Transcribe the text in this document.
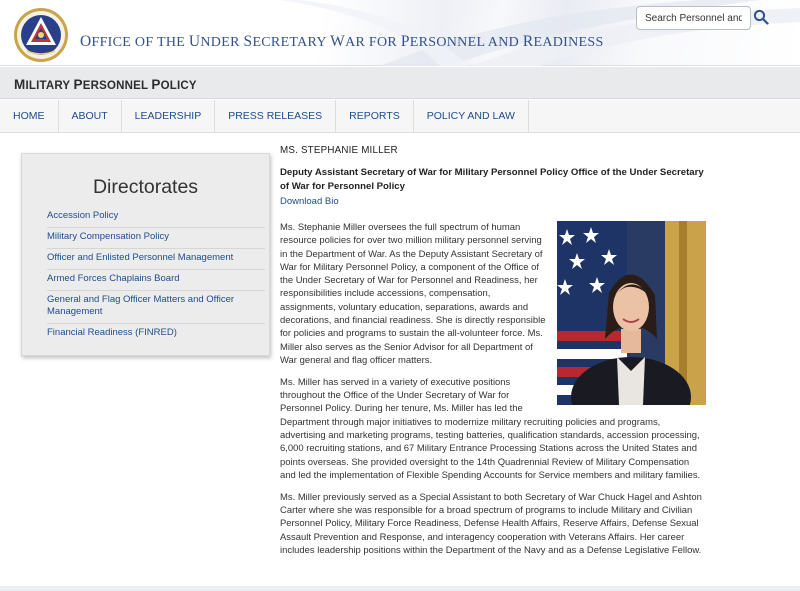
OFFICE OF THE UNDER SECRETARY WAR FOR PERSONNEL AND READINESS
Search Personnel and Re
MILITARY PERSONNEL POLICY
HOME	ABOUT	LEADERSHIP	PRESS RELEASES	REPORTS	POLICY AND LAW
Directorates
Accession Policy
Military Compensation Policy
Officer and Enlisted Personnel Management
Armed Forces Chaplains Board
General and Flag Officer Matters and Officer Management
Financial Readiness (FINRED)
MS. STEPHANIE MILLER
Deputy Assistant Secretary of War for Military Personnel Policy Office of the Under Secretary of War for Personnel Policy
Download Bio

Ms. Stephanie Miller oversees the full spectrum of human resource policies for over two million military personnel serving in the Department of War. As the Deputy Assistant Secretary of War for Military Personnel Policy, a component of the Office of the Under Secretary of War for Personnel and Readiness, her responsibilities include accessions, compensation, assignments, voluntary education, separations, awards and decorations, and financial readiness. She is directly responsible for policies and programs to sustain the all-volunteer force. Ms. Miller also serves as the Senior Advisor for all Department of War general and flag officer matters.

Ms. Miller has served in a variety of executive positions throughout the Office of the Under Secretary of War for Personnel Policy. During her tenure, Ms. Miller has led the Department through major initiatives to modernize military recruiting policies and programs, advertising and marketing programs, testing batteries, qualification standards, accession processing, 6,000 recruiting stations, and 67 Military Entrance Processing Stations across the United States and points overseas. She provided oversight to the 14th Quadrennial Review of Military Compensation and led the implementation of Flexible Spending Accounts for Service members and military families.

Ms. Miller previously served as a Special Assistant to both Secretary of War Chuck Hagel and Ashton Carter where she was responsible for a broad spectrum of programs to include Military and Civilian Personnel Policy, Military Force Readiness, Defense Health Affairs, Reserve Affairs, Defense Sexual Assault Prevention and Response, and interagency cooperation with Veterans Affairs. Her career includes leadership positions within the Department of the Navy and as a Defense Legislative Fellow.
